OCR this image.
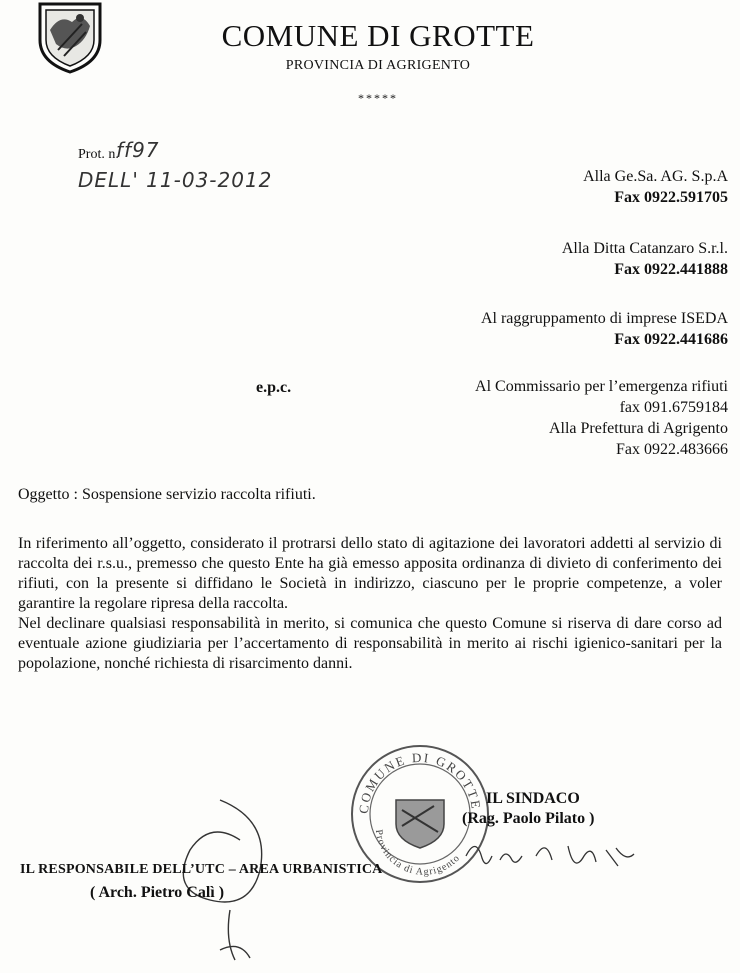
COMUNE DI GROTTE
PROVINCIA DI AGRIGENTO
*****
Prot. n.
ff97
DELL' 11-03-2012	Alla Ge.Sa. AG. S.p.A
Fax 0922.591705
Alla Ditta Catanzaro S.r.l.
Fax 0922.441888
Al raggruppamento di imprese ISEDA
Fax 0922.441686
e.p.c.	Al Commissario per l’emergenza rifiuti
fax 091.6759184
Alla Prefettura di Agrigento
Fax 0922.483666
Oggetto : Sospensione servizio raccolta rifiuti.

In riferimento all’oggetto, considerato il protrarsi dello stato di agitazione dei lavoratori addetti al servizio di raccolta dei r.s.u., premesso che questo Ente ha già emesso apposita ordinanza di divieto di conferimento dei rifiuti, con la presente si diffidano le Società in indirizzo, ciascuno per le proprie competenze, a voler garantire la regolare ripresa della raccolta.

Nel declinare qualsiasi responsabilità in merito, si comunica che questo Comune si riserva di dare corso ad eventuale azione giudiziaria per l’accertamento di responsabilità in merito ai rischi igienico-sanitari per la popolazione, nonché richiesta di risarcimento danni.

COMUNE DI GROTTE
Provincia di Agrigento
IL SINDACO
(Rag. Paolo Pilato )
IL RESPONSABILE DELL’UTC – AREA URBANISTICA
( Arch. Pietro Calì )
